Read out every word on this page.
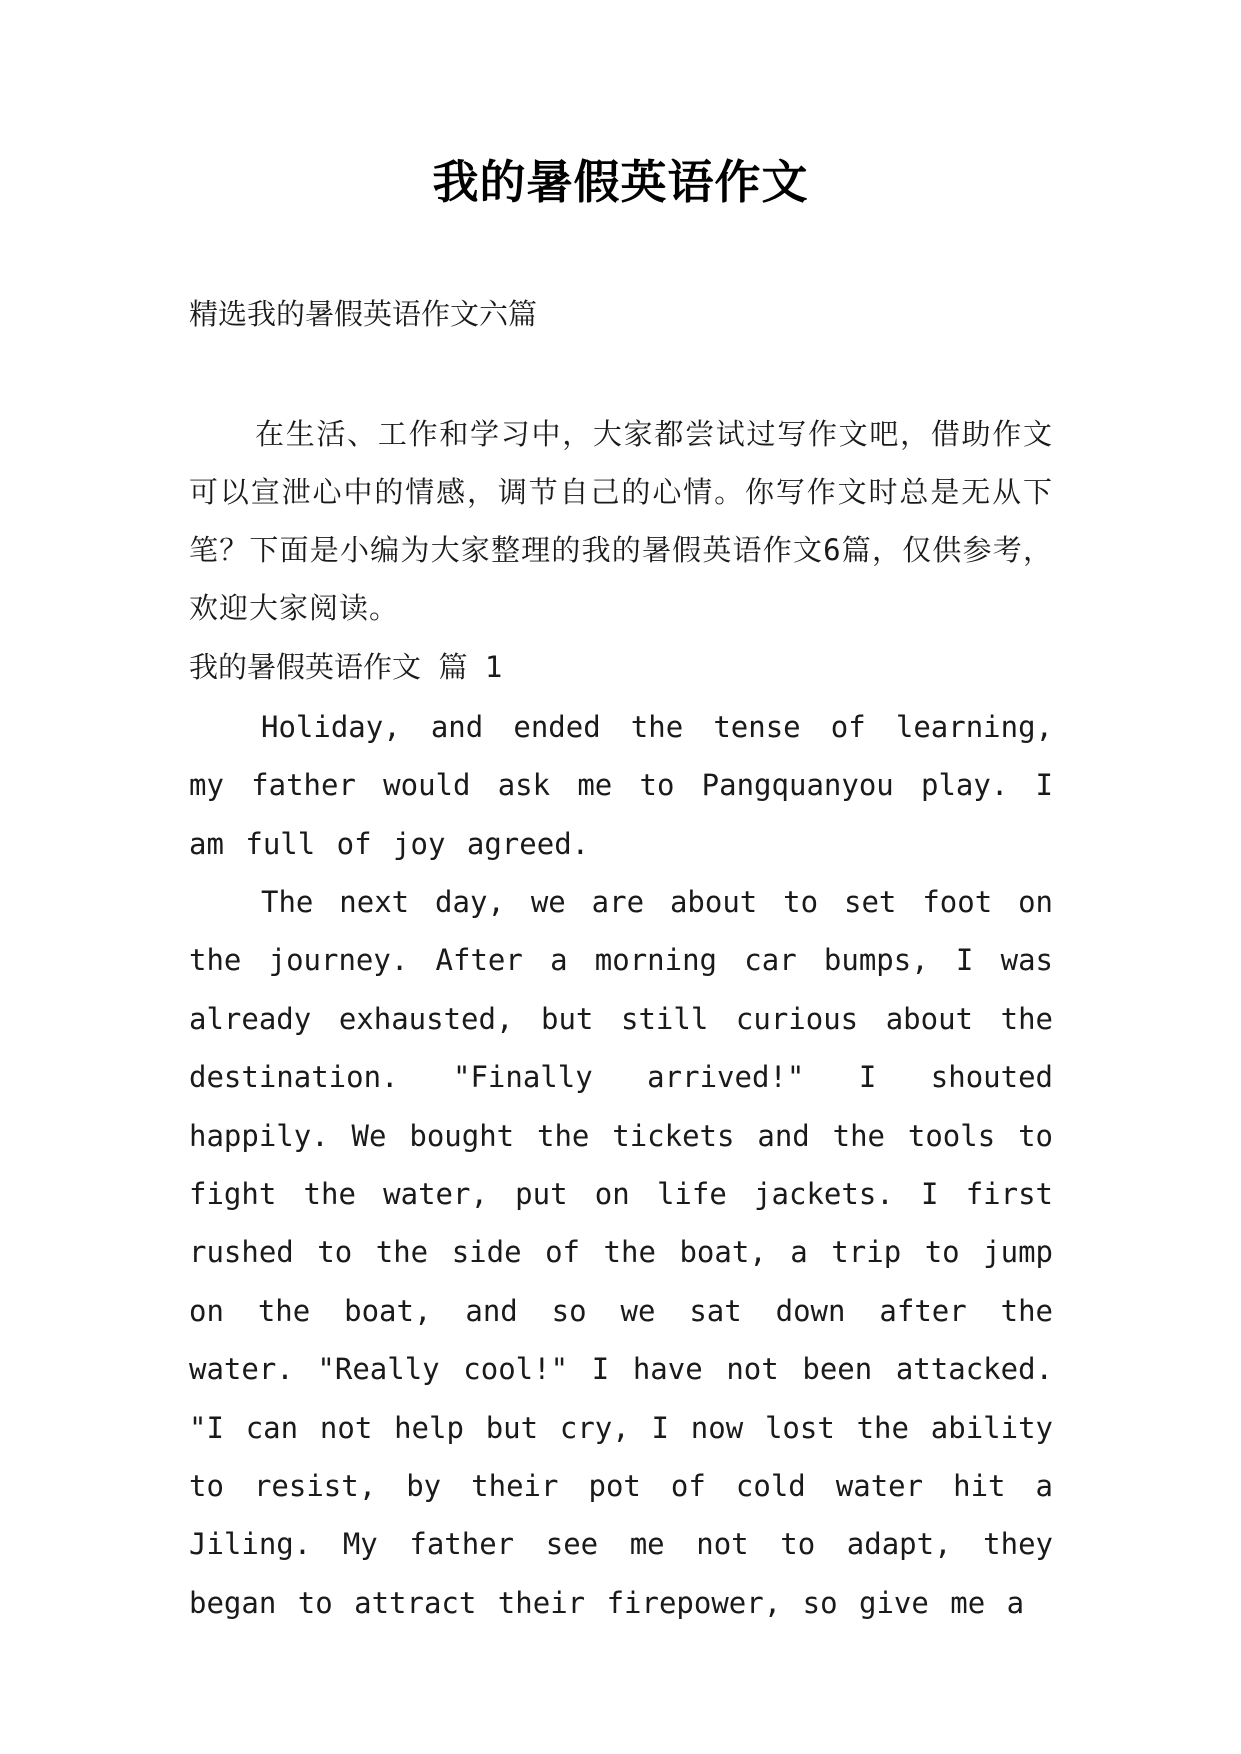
我的暑假英语作文
精选我的暑假英语作文六篇
在生活、工作和学习中，大家都尝试过写作文吧，借助作文可以宣泄心中的情感，调节自己的心情。你写作文时总是无从下笔？下面是小编为大家整理的我的暑假英语作文6篇，仅供参考，欢迎大家阅读。
我的暑假英语作文 篇 1
Holiday, and ended the tense of learning, my father would ask me to Pangquanyou play. I am full of joy agreed.
The next day, we are about to set foot on the journey. After a morning car bumps, I was already exhausted, but still curious about the destination. "Finally arrived!" I shouted happily. We bought the tickets and the tools to fight the water, put on life jackets. I first rushed to the side of the boat, a trip to jump on the boat, and so we sat down after the water. "Really cool!" I have not been attacked. "I can not help but cry, I now lost the ability to resist, by their pot of cold water hit a Jiling. My father see me not to adapt, they began to attract their firepower, so give me a
